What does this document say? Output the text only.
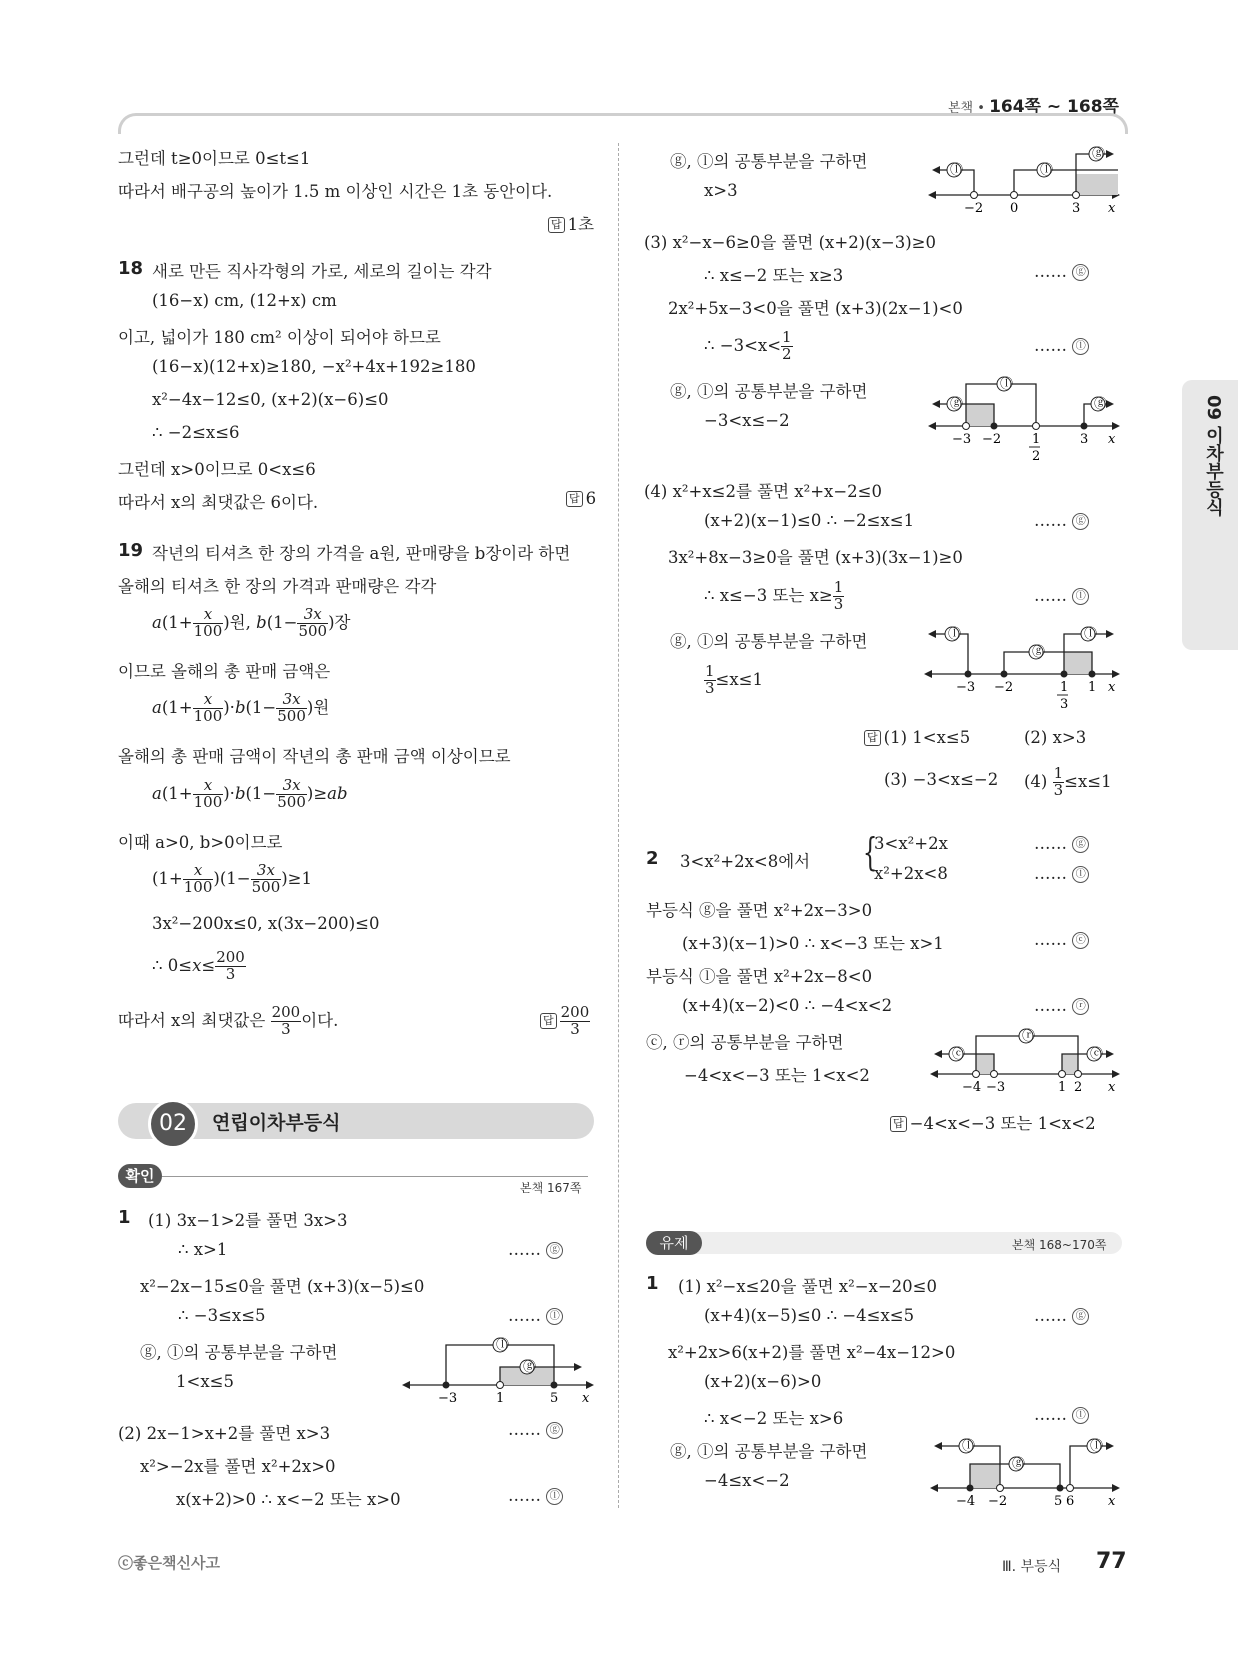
본책 • 164쪽 ~ 168쪽
09 이차부등식
그런데 t≥0이므로 0≤t≤1
따라서 배구공의 높이가 1.5 m 이상인 시간은 1초 동안이다.
답 1초
18 새로 만든 직사각형의 가로, 세로의 길이는 각각
(16−x) cm, (12+x) cm
이고, 넓이가 180 cm² 이상이 되어야 하므로
(16−x)(12+x)≥180, −x²+4x+192≥180
x²−4x−12≤0, (x+2)(x−6)≤0
∴ −2≤x≤6
그런데 x>0이므로 0<x≤6
따라서 x의 최댓값은 6이다.	답 6
19 작년의 티셔츠 한 장의 가격을 a원, 판매량을 b장이라 하면
올해의 티셔츠 한 장의 가격과 판매량은 각각
$a(1+ \frac{x}{100}$ )원, $b(1- \frac{3x}{500}$ )장
이므로 올해의 총 판매 금액은
$a(1+ \frac{x}{100} )\cdot b(1- \frac{3x}{500}$ )원
올해의 총 판매 금액이 작년의 총 판매 금액 이상이므로
$a(1+ \frac{x}{100} )\cdot b(1- \frac{3x}{500} )\ge ab$
이때 a>0, b>0이므로
$(1+ \frac{x}{100} )(1- \frac{3x}{500} )\ge 1$
3x²−200x≤0, x(3x−200)≤0
∴ $0\le x\le \frac{200}{3}$
따라서 x의 최댓값은 $\frac{200}{3}$ 이다.	답 $\frac{200}{3}$
02	연립이차부등식
확인
본책 167쪽
1 (1) 3x−1>2를 풀면 3x>3
∴ x>1	…… ⓖ
x²−2x−15≤0을 풀면 (x+3)(x−5)≤0
∴ −3≤x≤5	…… ⓛ
ⓖ, ⓛ의 공통부분을 구하면
1<x≤5
ⓛ
ⓖ
−3	1	5 x
(2) 2x−1>x+2를 풀면 x>3	…… ⓖ
x²>−2x를 풀면 x²+2x>0
x(x+2)>0 ∴ x<−2 또는 x>0	…… ⓛ
ⓖ, ⓛ의 공통부분을 구하면
x>3
ⓛ	ⓛ
ⓖ
−2 0	3 x
(3) x²−x−6≥0을 풀면 (x+2)(x−3)≥0
∴ x≤−2 또는 x≥3	…… ⓖ
2x²+5x−3<0을 풀면 (x+3)(2x−1)<0
∴ $-3<x< \frac{1}{2}$	…… ⓛ
ⓖ, ⓛ의 공통부분을 구하면
−3<x≤−2
ⓖ
ⓛ
ⓖ
−3 −2 1
2
3 x
(4) x²+x≤2를 풀면 x²+x−2≤0
(x+2)(x−1)≤0 ∴ −2≤x≤1	…… ⓖ
3x²+8x−3≥0을 풀면 (x+3)(3x−1)≥0
∴ x≤−3 또는 $x\ge \frac{1}{3}$	…… ⓛ
ⓖ, ⓛ의 공통부분을 구하면
$\frac{1}{3} \le x\le 1$
ⓛ
ⓖ
ⓛ
−3 −2	1
3
1 x
답 (1) 1<x≤5	(2) x>3
(3) −3<x≤−2 $(4) \frac{1}{3} \le x\le 1$
2 3<x²+2x<8에서 {
3<x²+2x
x²+2x<8
…… ⓖ
…… ⓛ
부등식 ⓖ을 풀면 x²+2x−3>0
(x+3)(x−1)>0 ∴ x<−3 또는 x>1	…… ⓒ
부등식 ⓛ을 풀면 x²+2x−8<0
(x+4)(x−2)<0 ∴ −4<x<2	…… ⓡ
ⓒ, ⓡ의 공통부분을 구하면
−4<x<−3 또는 1<x<2
ⓒ
ⓡ
ⓒ
−4 −3	1 2 x
답 −4<x<−3 또는 1<x<2
유제	본책 168~170쪽
1 (1) x²−x≤20을 풀면 x²−x−20≤0
(x+4)(x−5)≤0 ∴ −4≤x≤5	…… ⓖ
x²+2x>6(x+2)를 풀면 x²−4x−12>0
(x+2)(x−6)>0
∴ x<−2 또는 x>6	…… ⓛ
ⓖ, ⓛ의 공통부분을 구하면
−4≤x<−2
ⓛ
ⓖ
ⓛ
−4 −2	5 6	x
ⓒ좋은책신사고	Ⅲ. 부등식 77
